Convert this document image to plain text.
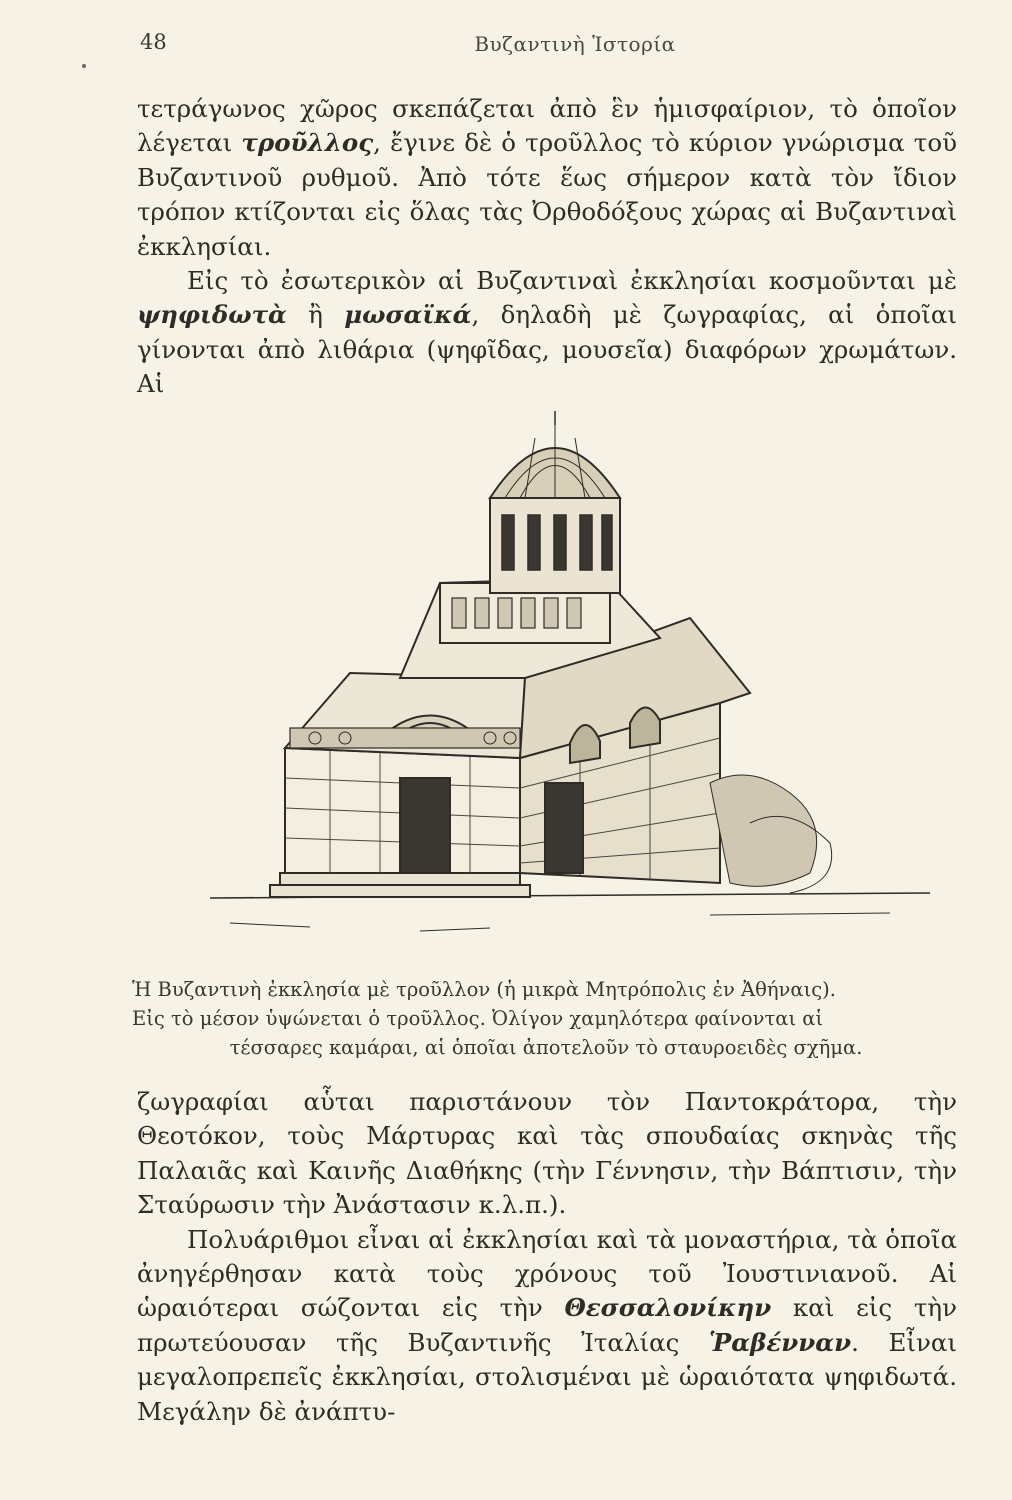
48	Βυζαντινὴ Ἱστορία

τετράγωνος χῶρος σκεπάζεται ἀπὸ ἓν ἡμισφαίριον, τὸ ὁποῖον λέγεται τροῦλλος, ἔγινε δὲ ὁ τροῦλλος τὸ κύριον γνώρισμα τοῦ Βυζαντινοῦ ρυθμοῦ. Ἀπὸ τότε ἕως σήμερον κατὰ τὸν ἴδιον τρόπον κτίζονται εἰς ὅλας τὰς Ὀρθοδόξους χώρας αἱ Βυζαντιναὶ ἐκκλησίαι.

Εἰς τὸ ἐσωτερικὸν αἱ Βυζαντιναὶ ἐκκλησίαι κοσμοῦνται μὲ ψηφιδωτὰ ἢ μωσαϊκά, δηλαδὴ μὲ ζωγραφίας, αἱ ὁποῖαι γίνονται ἀπὸ λιθάρια (ψηφῖδας, μουσεῖα) διαφόρων χρωμάτων. Αἱ

Ἡ Βυζαντινὴ ἐκκλησία μὲ τροῦλλον (ἡ μικρὰ Μητρόπολις ἐν Ἀθήναις).

Εἰς τὸ μέσον ὑψώνεται ὁ τροῦλλος. Ὀλίγον χαμηλότερα φαίνονται αἱ

τέσσαρες καμάραι, αἱ ὁποῖαι ἀποτελοῦν τὸ σταυροειδὲς σχῆμα.

ζωγραφίαι αὗται παριστάνουν τὸν Παντοκράτορα, τὴν Θεοτόκον, τοὺς Μάρτυρας καὶ τὰς σπουδαίας σκηνὰς τῆς Παλαιᾶς καὶ Καινῆς Διαθήκης (τὴν Γέννησιν, τὴν Βάπτισιν, τὴν Σταύρωσιν τὴν Ἀνάστασιν κ.λ.π.).

Πολυάριθμοι εἶναι αἱ ἐκκλησίαι καὶ τὰ μοναστήρια, τὰ ὁποῖα ἀνηγέρθησαν κατὰ τοὺς χρόνους τοῦ Ἰουστινιανοῦ. Αἱ ὡραιότεραι σώζονται εἰς τὴν Θεσσαλονίκην καὶ εἰς τὴν πρωτεύουσαν τῆς Βυζαντινῆς Ἰταλίας Ῥαβένναν. Εἶναι μεγαλοπρεπεῖς ἐκκλησίαι, στολισμέναι μὲ ὡραιότατα ψηφιδωτά. Μεγάλην δὲ ἀνάπτυ-
